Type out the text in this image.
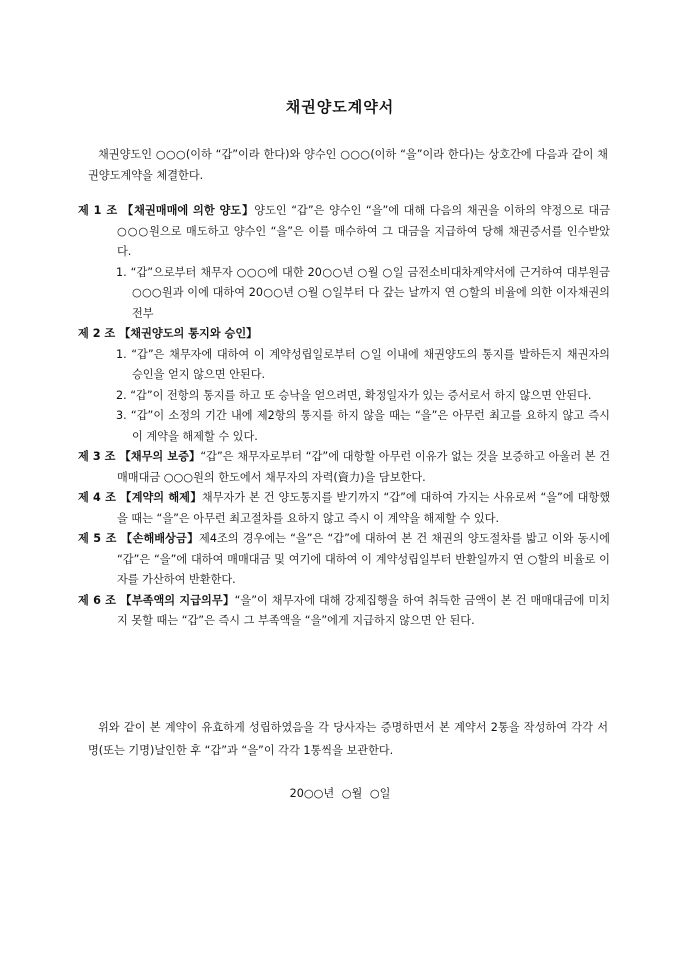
채권양도계약서
채권양도인 ○○○(이하 “갑”이라 한다)와 양수인 ○○○(이하 “을”이라 한다)는 상호간에 다음과 같이 채권양도계약을 체결한다.
제 1 조 【채권매매에 의한 양도】양도인 “갑”은 양수인 “을”에 대해 다음의 채권을 이하의 약정으로 대금 ○○○원으로 매도하고 양수인 “을”은 이를 매수하여 그 대금을 지급하여 당해 채권증서를 인수받았다.
1. “갑”으로부터 채무자 ○○○에 대한 20○○년 ○월 ○일 금전소비대차계약서에 근거하여 대부원금 ○○○원과 이에 대하여 20○○년 ○월 ○일부터 다 갚는 날까지 연 ○할의 비율에 의한 이자채권의 전부
제 2 조 【채권양도의 통지와 승인】
1. “갑”은 채무자에 대하여 이 계약성립일로부터 ○일 이내에 채권양도의 통지를 발하든지 채권자의 승인을 얻지 않으면 안된다.
2. “갑”이 전항의 통지를 하고 또 승낙을 얻으려면, 확정일자가 있는 증서로서 하지 않으면 안된다.
3. “갑”이 소정의 기간 내에 제2항의 통지를 하지 않을 때는 “을”은 아무런 최고를 요하지 않고 즉시 이 계약을 해제할 수 있다.
제 3 조 【채무의 보증】“갑”은 채무자로부터 “갑”에 대항할 아무런 이유가 없는 것을 보증하고 아울러 본 건 매매대금 ○○○원의 한도에서 채무자의 자력(資力)을 담보한다.
제 4 조 【계약의 해제】채무자가 본 건 양도통지를 받기까지 “갑”에 대하여 가지는 사유로써 “을”에 대항했을 때는 “을”은 아무런 최고절차를 요하지 않고 즉시 이 계약을 해제할 수 있다.
제 5 조 【손해배상금】제4조의 경우에는 “을”은 “갑”에 대하여 본 건 채권의 양도절차를 밟고 이와 동시에 “갑”은 “을”에 대하여 매매대금 및 여기에 대하여 이 계약성립일부터 반환일까지 연 ○할의 비율로 이자를 가산하여 반환한다.
제 6 조 【부족액의 지급의무】“을”이 채무자에 대해 강제집행을 하여 취득한 금액이 본 건 매매대금에 미치지 못할 때는 “갑”은 즉시 그 부족액을 “을”에게 지급하지 않으면 안 된다.
위와 같이 본 계약이 유효하게 성립하였음을 각 당사자는 증명하면서 본 계약서 2통을 작성하여 각각 서명(또는 기명)날인한 후 “갑”과 “을”이 각각 1통씩을 보관한다.
20○○년 ○월 ○일
